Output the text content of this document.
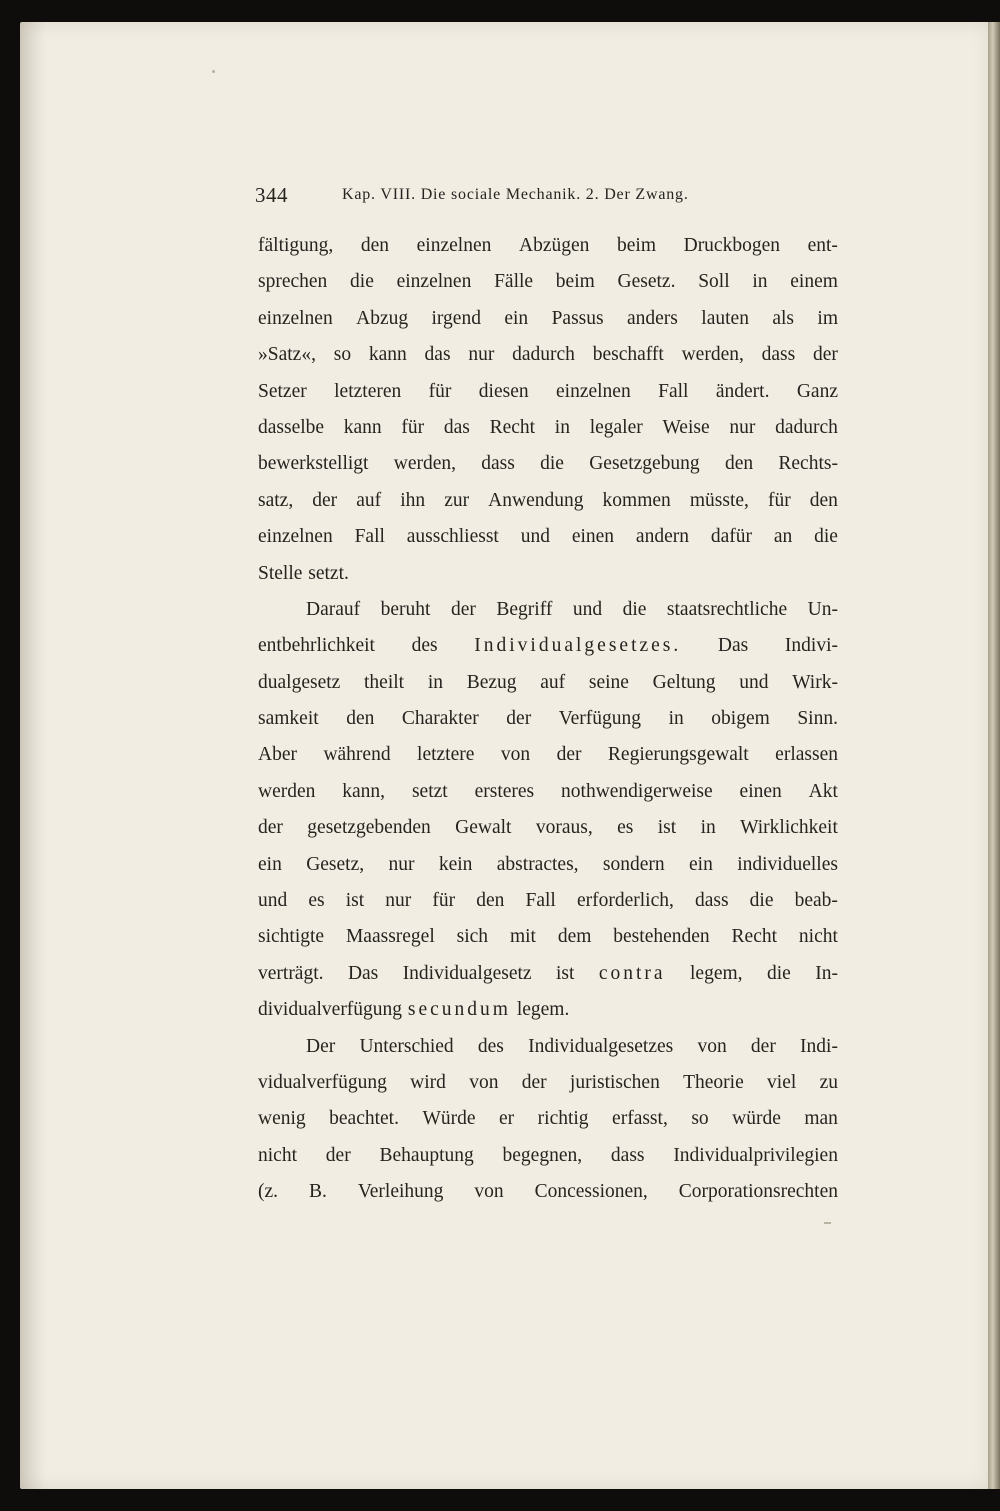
344	Kap. VIII. Die sociale Mechanik. 2. Der Zwang.
fältigung, den einzelnen Abzügen beim Druckbogen ent-
sprechen die einzelnen Fälle beim Gesetz. Soll in einem
einzelnen Abzug irgend ein Passus anders lauten als im
»Satz«, so kann das nur dadurch beschafft werden, dass der
Setzer letzteren für diesen einzelnen Fall ändert. Ganz
dasselbe kann für das Recht in legaler Weise nur dadurch
bewerkstelligt werden, dass die Gesetzgebung den Rechts-
satz, der auf ihn zur Anwendung kommen müsste, für den
einzelnen Fall ausschliesst und einen andern dafür an die
Stelle setzt.
Darauf beruht der Begriff und die staatsrechtliche Un-
entbehrlichkeit des Individualgesetzes. Das Indivi-
dualgesetz theilt in Bezug auf seine Geltung und Wirk-
samkeit den Charakter der Verfügung in obigem Sinn.
Aber während letztere von der Regierungsgewalt erlassen
werden kann, setzt ersteres nothwendigerweise einen Akt
der gesetzgebenden Gewalt voraus, es ist in Wirklichkeit
ein Gesetz, nur kein abstractes, sondern ein individuelles
und es ist nur für den Fall erforderlich, dass die beab-
sichtigte Maassregel sich mit dem bestehenden Recht nicht
verträgt. Das Individualgesetz ist contra legem, die In-
dividualverfügung secundum legem.
Der Unterschied des Individualgesetzes von der Indi-
vidualverfügung wird von der juristischen Theorie viel zu
wenig beachtet. Würde er richtig erfasst, so würde man
nicht der Behauptung begegnen, dass Individualprivilegien
(z. B. Verleihung von Concessionen, Corporationsrechten
